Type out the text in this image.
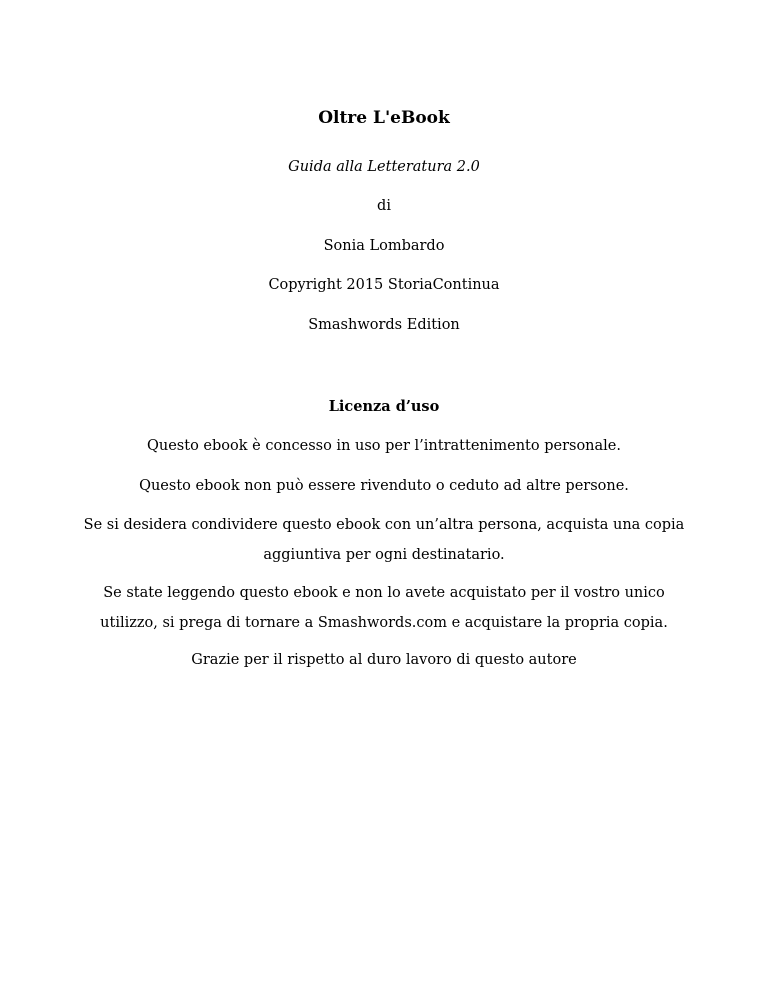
Oltre L'eBook
Guida alla Letteratura 2.0
di
Sonia Lombardo
Copyright 2015 StoriaContinua
Smashwords Edition
Licenza d’uso
Questo ebook è concesso in uso per l’intrattenimento personale.
Questo ebook non può essere rivenduto o ceduto ad altre persone.
Se si desidera condividere questo ebook con un’altra persona, acquista una copia aggiuntiva per ogni destinatario.
Se state leggendo questo ebook e non lo avete acquistato per il vostro unico utilizzo, si prega di tornare a Smashwords.com e acquistare la propria copia.
Grazie per il rispetto al duro lavoro di questo autore
